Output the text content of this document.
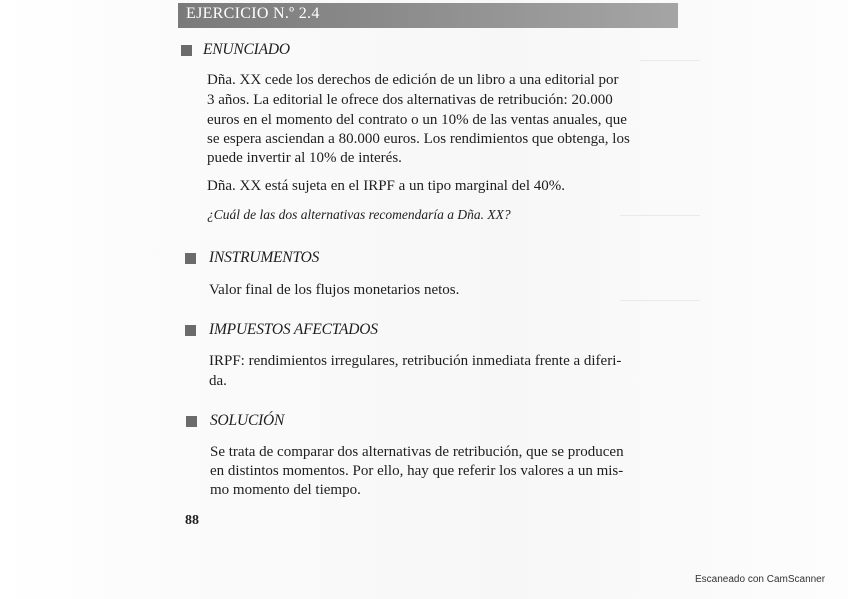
EJERCICIO N.º 2.4
ENUNCIADO
Dña. XX cede los derechos de edición de un libro a una editorial por
3 años. La editorial le ofrece dos alternativas de retribución: 20.000
euros en el momento del contrato o un 10% de las ventas anuales, que
se espera asciendan a 80.000 euros. Los rendimientos que obtenga, los
puede invertir al 10% de interés.
Dña. XX está sujeta en el IRPF a un tipo marginal del 40%.
¿Cuál de las dos alternativas recomendaría a Dña. XX?
INSTRUMENTOS
Valor final de los flujos monetarios netos.
IMPUESTOS AFECTADOS
IRPF: rendimientos irregulares, retribución inmediata frente a diferi-
da.
SOLUCIÓN
Se trata de comparar dos alternativas de retribución, que se producen
en distintos momentos. Por ello, hay que referir los valores a un mis-
mo momento del tiempo.
88
Escaneado con CamScanner
